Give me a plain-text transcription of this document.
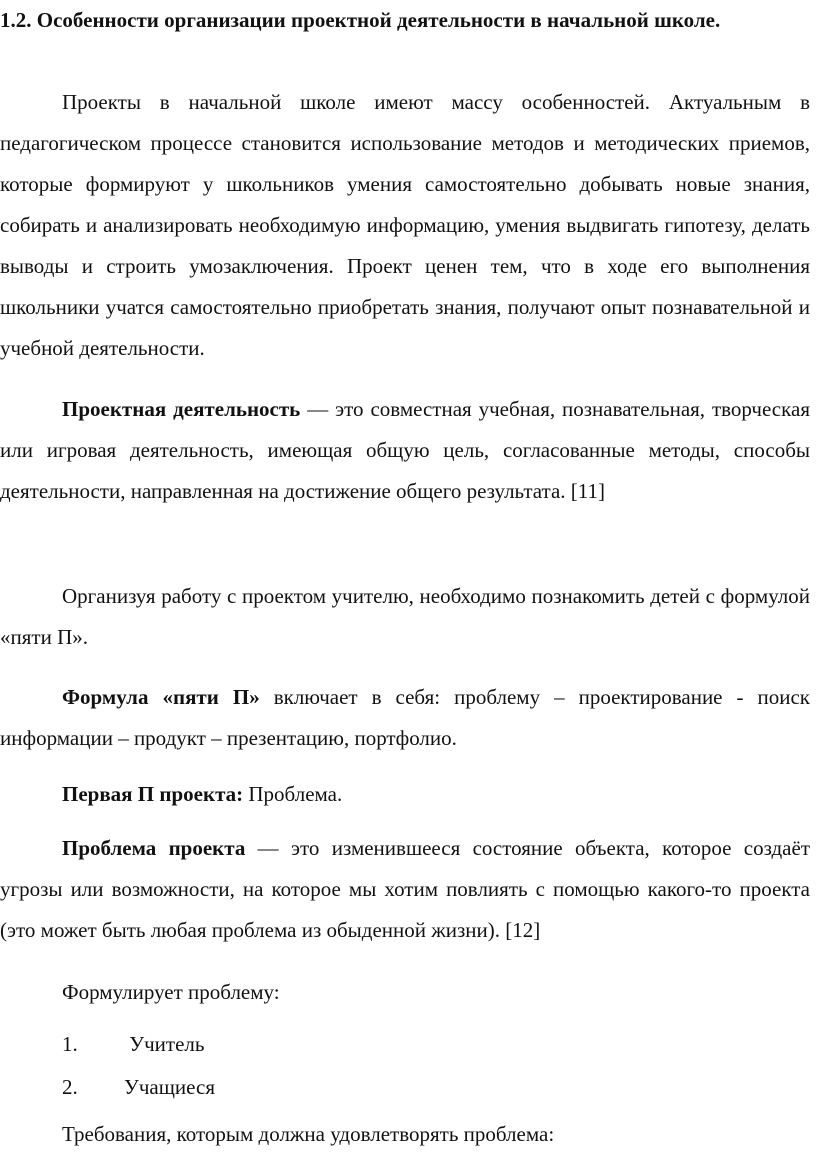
1.2. Особенности организации проектной деятельности в начальной школе.

Проекты в начальной школе имеют массу особенностей. Актуальным в педагогическом процессе становится использование методов и методических приемов, которые формируют у школьников умения самостоятельно добывать новые знания, собирать и анализировать необходимую информацию, умения выдвигать гипотезу, делать выводы и строить умозаключения. Проект ценен тем, что в ходе его выполнения школьники учатся самостоятельно приобретать знания, получают опыт познавательной и учебной деятельности.

Проектная деятельность — это совместная учебная, познавательная, творческая или игровая деятельность, имеющая общую цель, согласованные методы, способы деятельности, направленная на достижение общего результата. [11]

Организуя работу с проектом учителю, необходимо познакомить детей с формулой «пяти П».

Формула «пяти П» включает в себя: проблему – проектирование - поиск информации – продукт – презентацию, портфолио.

Первая П проекта: Проблема.

Проблема проекта — это изменившееся состояние объекта, которое создаёт угрозы или возможности, на которое мы хотим повлиять с помощью какого-то проекта (это может быть любая проблема из обыденной жизни). [12]

Формулирует проблему:

1. Учитель
2. Учащиеся

Требования, которым должна удовлетворять проблема:
